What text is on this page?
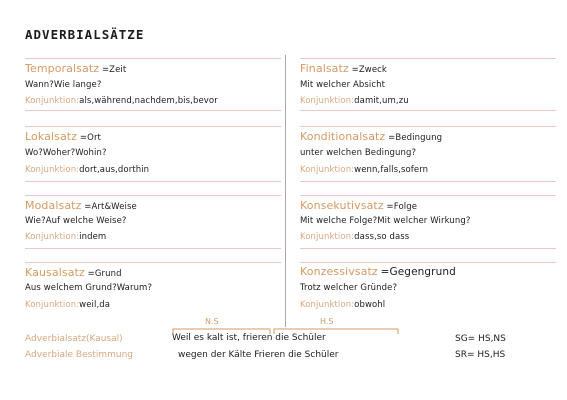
ADVERBIALSÄTZE
Temporalsatz =Zeit
Wann?Wie lange?
Konjunktion:als,während,nachdem,bis,bevor
Finalsatz =Zweck
Mit welcher Absicht
Konjunktion:damit,um,zu
Lokalsatz =Ort
Wo?Woher?Wohin?
Konjunktion:dort,aus,dorthin
Konditionalsatz =Bedingung
unter welchen Bedingung?
Konjunktion:wenn,falls,sofern
Modalsatz =Art&Weise
Wie?Auf welche Weise?
Konjunktion:indem
Konsekutivsatz =Folge
Mit welche Folge?Mit welcher Wirkung?
Konjunktion:dass,so dass
Kausalsatz =Grund
Aus welchem Grund?Warum?
Konjunktion:weil,da
Konzessivsatz =Gegengrund
Trotz welcher Gründe?
Konjunktion:obwohl
N.S	H.S
Adverbialsatz(Kausal)	Weil es kalt ist, frieren die Schüler	SG= HS,NS
Adverbiale Bestimmung	wegen der Kälte Frieren die Schüler	SR= HS,HS
